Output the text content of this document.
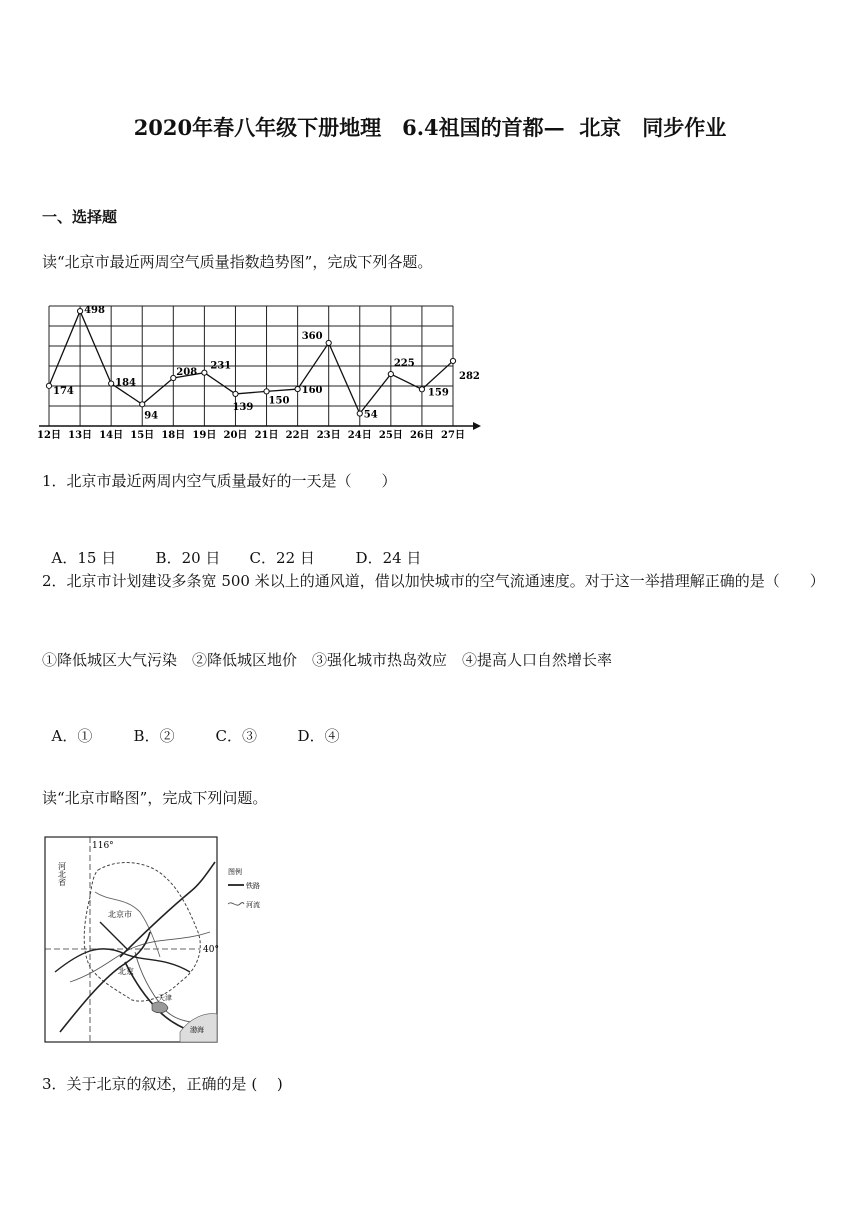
2020年春八年级下册地理　6.4祖国的首都—  北京　同步作业
一、选择题
读“北京市最近两周空气质量指数趋势图”，完成下列各题。
12日 13日 14日 15日 18日 19日 20日 21日 22日 23日 24日 25日 26日 27日
174
498
184
94
208
231
139
150
160
360
54
225
159
282
1．北京市最近两周内空气质量最好的一天是（　　）

A．15 日	B．20 日 C．22 日	D．24 日

2．北京市计划建设多条宽 500 米以上的通风道，借以加快城市的空气流通速度。对于这一举措理解正确的是（　　）
①降低城区大气污染　②降低城区地价　③强化城市热岛效应　④提高人口自然增长率

A．①	B．②	C．③	D．④

读“北京市略图”，完成下列问题。
116°
40°
河北省
北京市
北京
天津
渤海
图例
铁路
河流
3．关于北京的叙述，正确的是 (　 )
